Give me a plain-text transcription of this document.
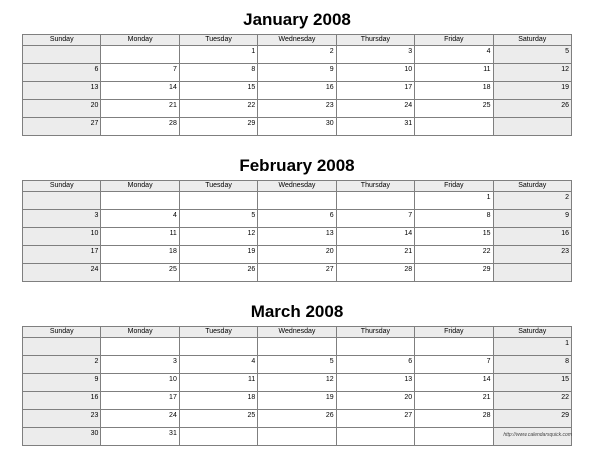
January 2008
Sunday	Monday	Tuesday	Wednesday	Thursday	Friday	Saturday
		1	2	3	4	5
6	7	8	9	10	11	12
13	14	15	16	17	18	19
20	21	22	23	24	25	26
27	28	29	30	31		
February 2008
Sunday	Monday	Tuesday	Wednesday	Thursday	Friday	Saturday
					1	2
3	4	5	6	7	8	9
10	11	12	13	14	15	16
17	18	19	20	21	22	23
24	25	26	27	28	29	
March 2008
Sunday	Monday	Tuesday	Wednesday	Thursday	Friday	Saturday
						1
2	3	4	5	6	7	8
9	10	11	12	13	14	15
16	17	18	19	20	21	22
23	24	25	26	27	28	29
30	31						http://www.calendarsquick.com
